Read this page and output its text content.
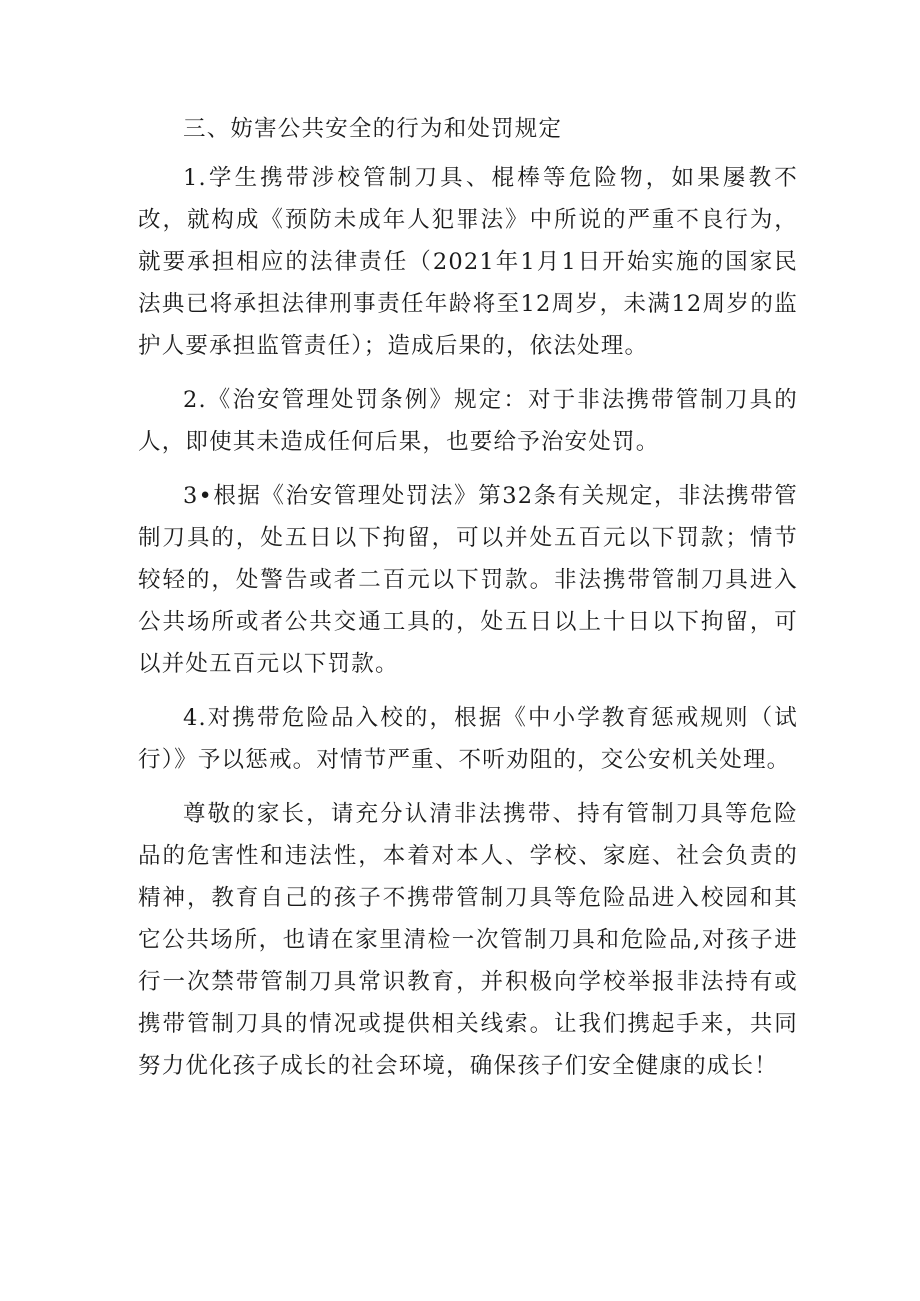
三、妨害公共安全的行为和处罚规定

1.学生携带涉校管制刀具、棍棒等危险物，如果屡教不改，就构成《预防未成年人犯罪法》中所说的严重不良行为，就要承担相应的法律责任（2021年1月1日开始实施的国家民法典已将承担法律刑事责任年龄将至12周岁，未满12周岁的监护人要承担监管责任）；造成后果的，依法处理。

2.《治安管理处罚条例》规定：对于非法携带管制刀具的人，即使其未造成任何后果，也要给予治安处罚。

3•根据《治安管理处罚法》第32条有关规定，非法携带管制刀具的，处五日以下拘留，可以并处五百元以下罚款；情节较轻的，处警告或者二百元以下罚款。非法携带管制刀具进入公共场所或者公共交通工具的，处五日以上十日以下拘留，可以并处五百元以下罚款。

4.对携带危险品入校的，根据《中小学教育惩戒规则（试行）》予以惩戒。对情节严重、不听劝阻的，交公安机关处理。

尊敬的家长，请充分认清非法携带、持有管制刀具等危险品的危害性和违法性，本着对本人、学校、家庭、社会负责的精神，教育自己的孩子不携带管制刀具等危险品进入校园和其它公共场所，也请在家里清检一次管制刀具和危险品,对孩子进行一次禁带管制刀具常识教育，并积极向学校举报非法持有或携带管制刀具的情况或提供相关线索。让我们携起手来，共同努力优化孩子成长的社会环境，确保孩子们安全健康的成长！
